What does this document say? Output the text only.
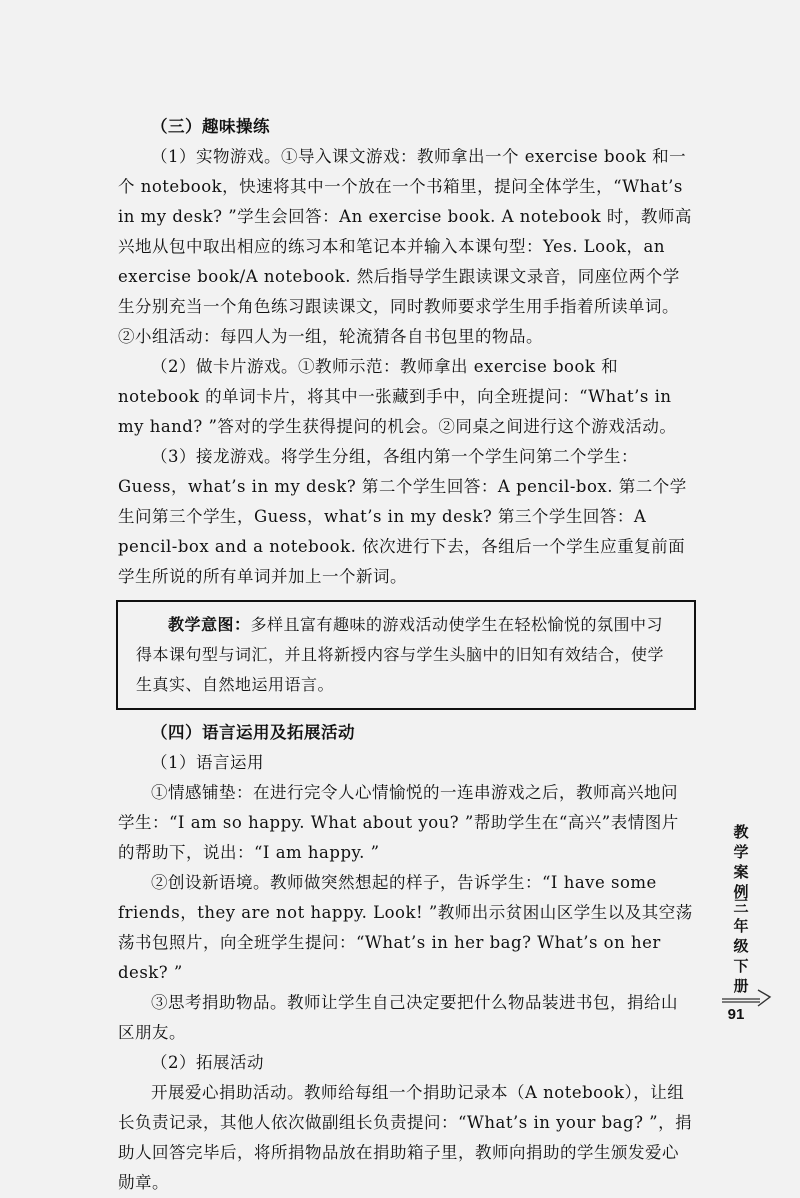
（三）趣味操练

（1）实物游戏。①导入课文游戏：教师拿出一个 exercise book 和一个 notebook，快速将其中一个放在一个书箱里，提问全体学生，“What’s in my desk? ”学生会回答：An exercise book. A notebook 时，教师高兴地从包中取出相应的练习本和笔记本并输入本课句型：Yes. Look，an exercise book/A notebook. 然后指导学生跟读课文录音，同座位两个学生分别充当一个角色练习跟读课文，同时教师要求学生用手指着所读单词。②小组活动：每四人为一组，轮流猜各自书包里的物品。

（2）做卡片游戏。①教师示范：教师拿出 exercise book 和 notebook 的单词卡片，将其中一张藏到手中，向全班提问：“What’s in my hand? ”答对的学生获得提问的机会。②同桌之间进行这个游戏活动。

（3）接龙游戏。将学生分组，各组内第一个学生问第二个学生：Guess，what’s in my desk? 第二个学生回答：A pencil-box. 第二个学生问第三个学生，Guess，what’s in my desk? 第三个学生回答：A pencil-box and a notebook. 依次进行下去，各组后一个学生应重复前面学生所说的所有单词并加上一个新词。

教学意图：多样且富有趣味的游戏活动使学生在轻松愉悦的氛围中习得本课句型与词汇，并且将新授内容与学生头脑中的旧知有效结合，使学生真实、自然地运用语言。

（四）语言运用及拓展活动

（1）语言运用

①情感铺垫：在进行完令人心情愉悦的一连串游戏之后，教师高兴地问学生：“I am so happy. What about you? ”帮助学生在“高兴”表情图片的帮助下，说出：“I am happy. ”

②创设新语境。教师做突然想起的样子，告诉学生：“I have some friends，they are not happy. Look! ”教师出示贫困山区学生以及其空荡荡书包照片，向全班学生提问：“What’s in her bag? What’s on her desk? ”

③思考捐助物品。教师让学生自己决定要把什么物品装进书包，捐给山区朋友。

（2）拓展活动

开展爱心捐助活动。教师给每组一个捐助记录本（A notebook），让组长负责记录，其他人依次做副组长负责提问：“What’s in your bag? ”，捐助人回答完毕后，将所捐物品放在捐助箱子里，教师向捐助的学生颁发爱心勋章。

教
学
案
例
三
年
级
下
册
91
